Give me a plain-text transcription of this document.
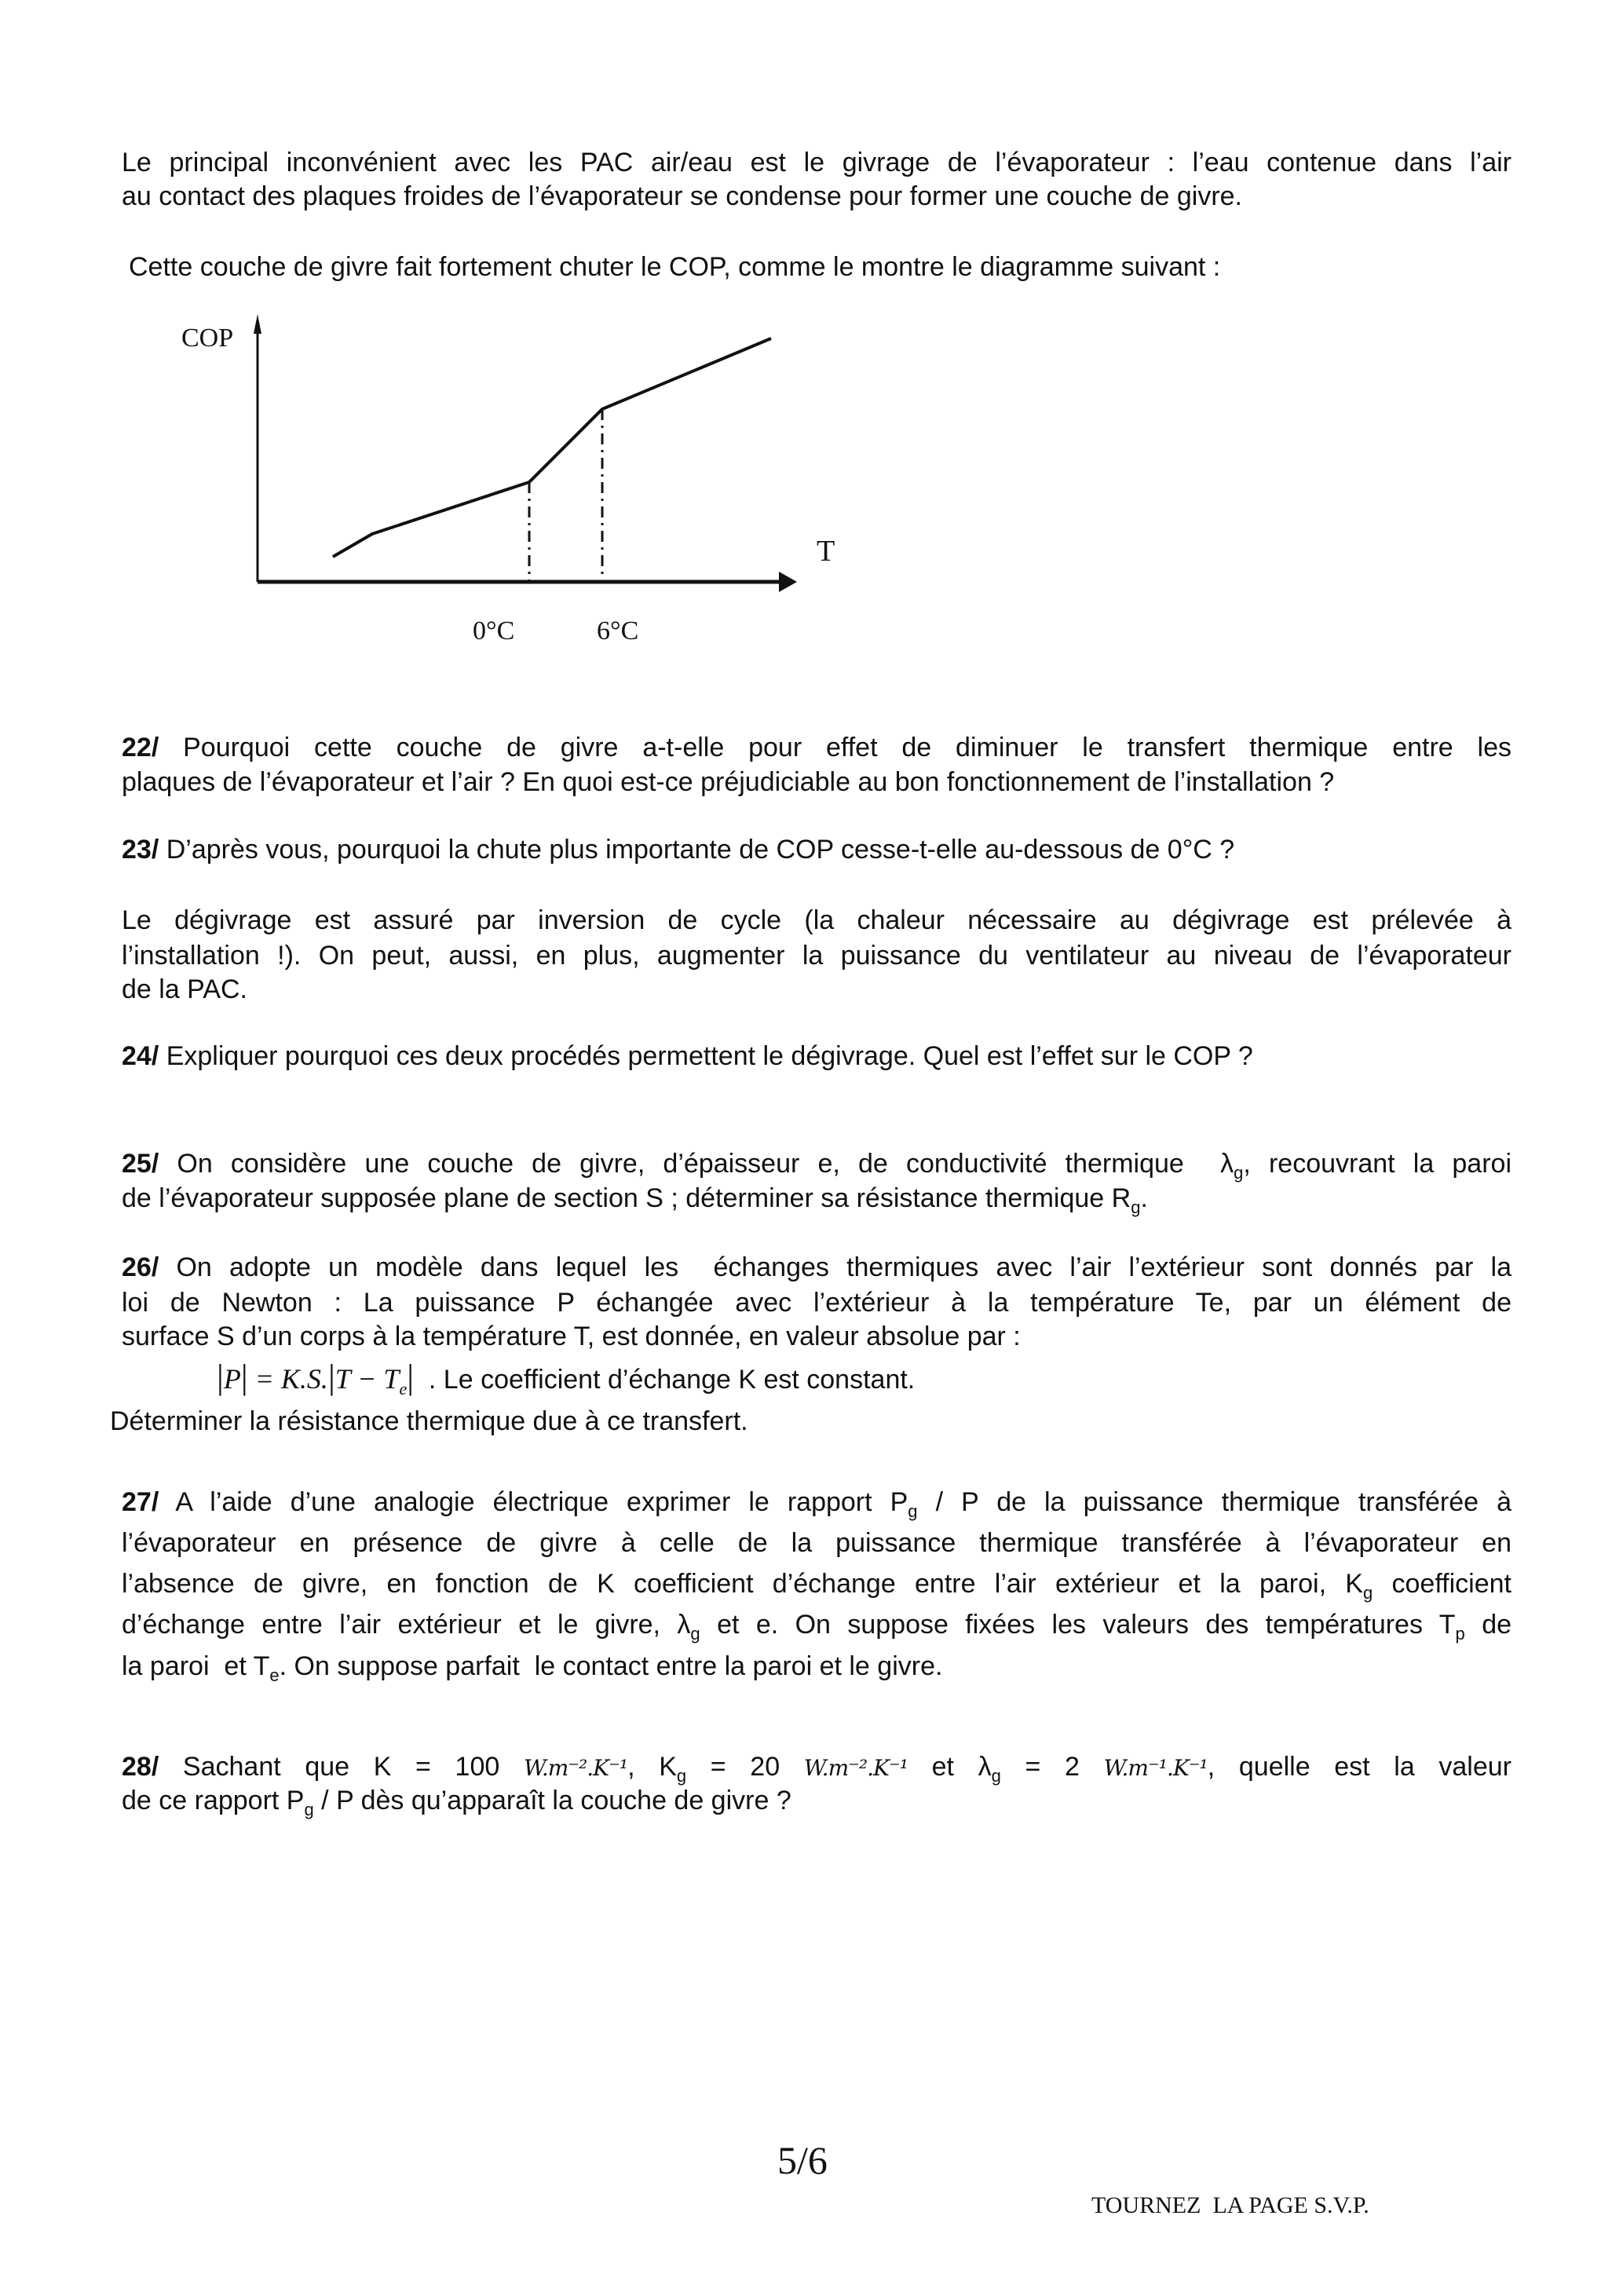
Le principal inconvénient avec les PAC air/eau est le givrage de l’évaporateur : l’eau contenue dans l’air
au contact des plaques froides de l’évaporateur se condense pour former une couche de givre.
Cette couche de givre fait fortement chuter le COP, comme le montre le diagramme suivant :
COP
T
0°C	6°C
22/ Pourquoi cette couche de givre a-t-elle pour effet de diminuer le transfert thermique entre les
plaques de l’évaporateur et l’air ? En quoi est-ce préjudiciable au bon fonctionnement de l’installation ?
23/ D’après vous, pourquoi la chute plus importante de COP cesse-t-elle au-dessous de 0°C ?
Le dégivrage est assuré par inversion de cycle (la chaleur nécessaire au dégivrage est prélevée à
l’installation !). On peut, aussi, en plus, augmenter la puissance du ventilateur au niveau de l’évaporateur
de la PAC.
24/ Expliquer pourquoi ces deux procédés permettent le dégivrage. Quel est l’effet sur le COP ?
25/ On considère une couche de givre, d’épaisseur e, de conductivité thermique  $\lambda_g$, recouvrant la paroi
de l’évaporateur supposée plane de section S ; déterminer sa résistance thermique $R_g$.
26/ On adopte un modèle dans lequel les  échanges thermiques avec l’air l’extérieur sont donnés par la
loi de Newton : La puissance P échangée avec l’extérieur à la température Te, par un élément de
surface S d’un corps à la température T, est donnée, en valeur absolue par :
$|P| = K.S.|T - T_e|$  . Le coefficient d’échange K est constant.
Déterminer la résistance thermique due à ce transfert.
27/ A l’aide d’une analogie électrique exprimer le rapport $P_g$ / P de la puissance thermique transférée à
l’évaporateur en présence de givre à celle de la puissance thermique transférée à l’évaporateur en
l’absence de givre, en fonction de K coefficient d’échange entre l’air extérieur et la paroi, $K_g$ coefficient
d’échange entre l’air extérieur et le givre, $\lambda_g$ et e. On suppose fixées les valeurs des températures $T_p$ de
la paroi  et $T_e$. On suppose parfait  le contact entre la paroi et le givre.
28/ Sachant que K = 100 W.m⁻².K⁻¹, $K_g = 20$ W.m⁻².K⁻¹ et $\lambda_g = 2$ W.m⁻¹.K⁻¹, quelle est la valeur
de ce rapport $P_g$ / P dès qu’apparaît la couche de givre ?
5/6
TOURNEZ  LA PAGE S.V.P.
